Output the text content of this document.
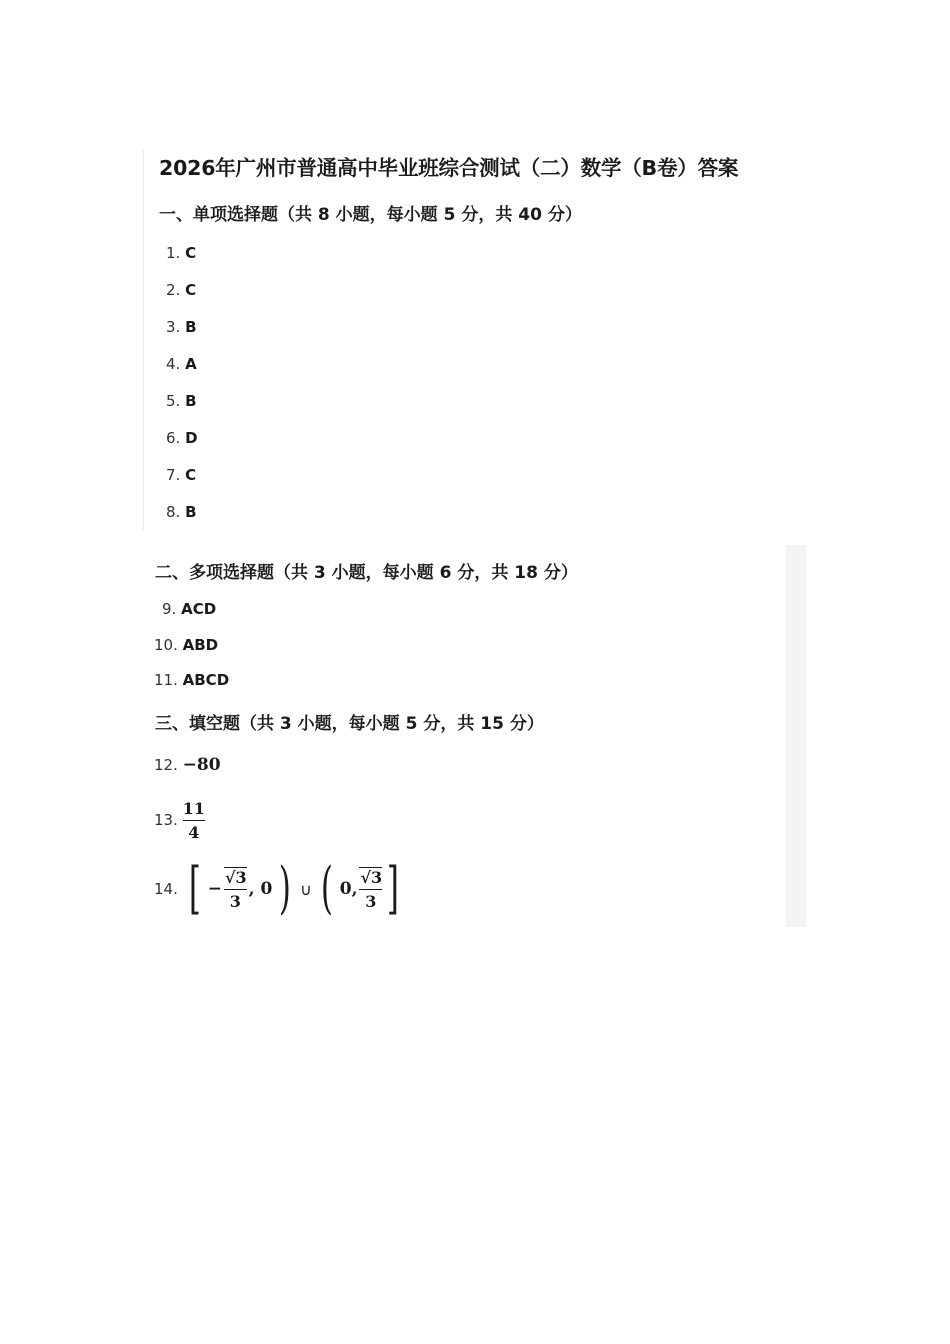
2026年广州市普通高中毕业班综合测试（二）数学（B卷）答案
一、单项选择题（共 8 小题，每小题 5 分，共 40 分）
1. C
2. C
3. B
4. A
5. B
6. D
7. C
8. B
二、多项选择题（共 3 小题，每小题 6 分，共 18 分）
9. ACD
10. ABD
11. ABCD
三、填空题（共 3 小题，每小题 5 分，共 15 分）
12. −80
13.
$\frac{11}{4}$
14. [ − $\frac{√3}{3}$ , 0 ) ∪ ( 0, $\frac{√3}{3}$ ]
